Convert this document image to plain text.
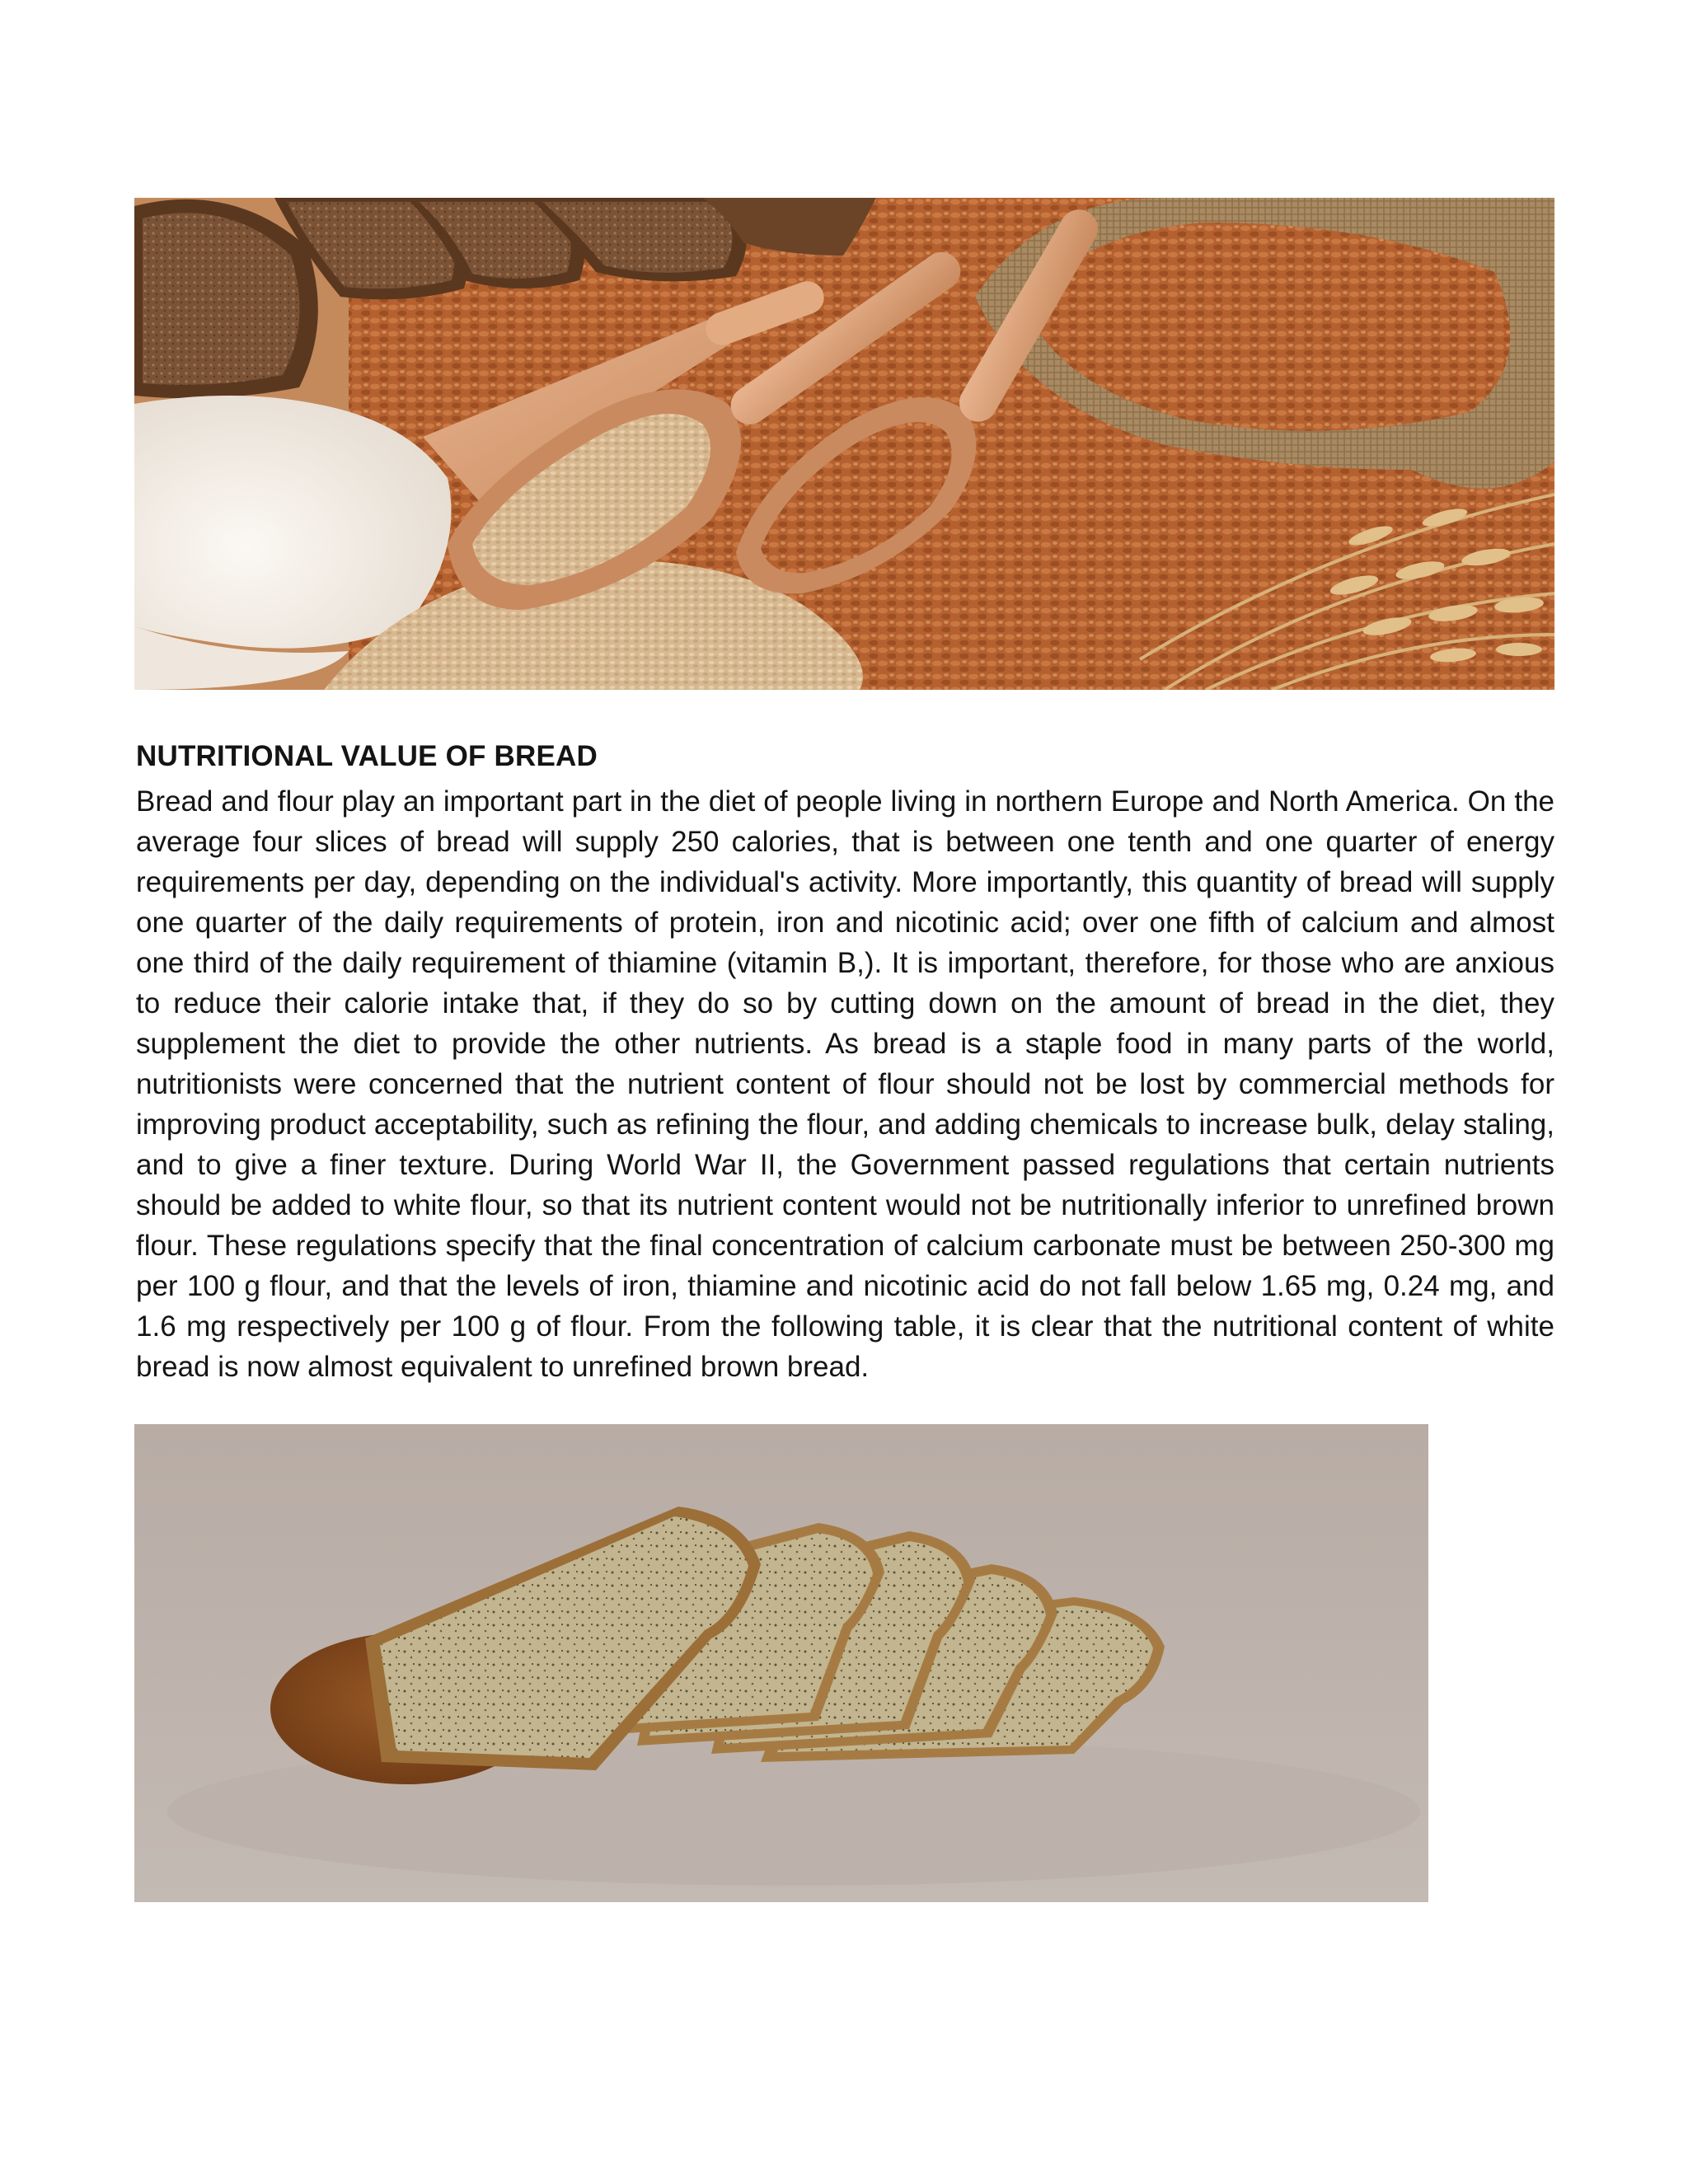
NUTRITIONAL VALUE OF BREAD

Bread and flour play an important part in the diet of people living in northern Europe and North America. On the average four slices of bread will supply 250 calories, that is between one tenth and one quarter of energy requirements per day, depending on the individual's activity. More importantly, this quantity of bread will supply one quarter of the daily requirements of protein, iron and nicotinic acid; over one fifth of calcium and almost one third of the daily requirement of thiamine (vitamin B,). It is important, therefore, for those who are anxious to reduce their calorie intake that, if they do so by cutting down on the amount of bread in the diet, they supplement the diet to provide the other nutrients. As bread is a staple food in many parts of the world, nutritionists were concerned that the nutrient content of flour should not be lost by commercial methods for improving product acceptability, such as refining the flour, and adding chemicals to increase bulk, delay staling, and to give a finer texture. During World War II, the Government passed regulations that certain nutrients should be added to white flour, so that its nutrient content would not be nutritionally inferior to unrefined brown flour. These regulations specify that the final concentration of calcium carbonate must be between 250-300 mg per 100 g flour, and that the levels of iron, thiamine and nicotinic acid do not fall below 1.65 mg, 0.24 mg, and 1.6 mg respectively per 100 g of flour. From the following table, it is clear that the nutritional content of white bread is now almost equivalent to unrefined brown bread.
